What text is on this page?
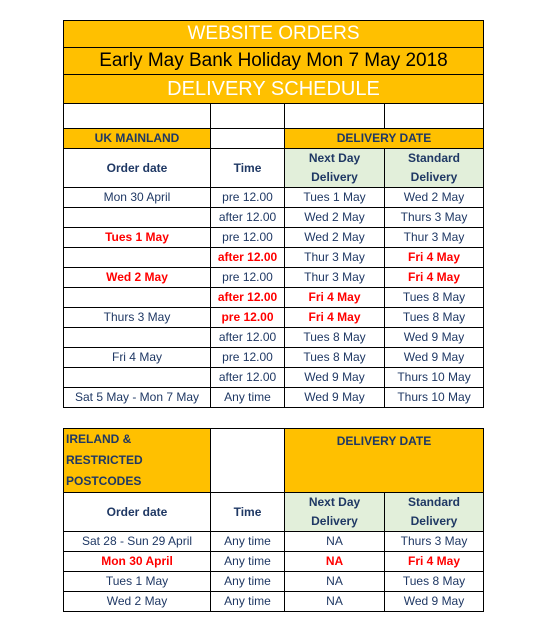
WEBSITE ORDERS			
Early May Bank Holiday Mon 7 May 2018			
DELIVERY SCHEDULE			

UK MAINLAND		DELIVERY DATE	
Order date	Time	Next Day Delivery	Standard Delivery
Mon 30 April	pre 12.00	Tues 1 May	Wed 2 May
	after 12.00	Wed 2 May	Thurs 3 May
Tues 1 May	pre 12.00	Wed 2 May	Thur 3 May
	after 12.00	Thur 3 May	Fri 4 May
Wed 2 May	pre 12.00	Thur 3 May	Fri 4 May
	after 12.00	Fri 4 May	Tues 8 May
Thurs 3 May	pre 12.00	Fri 4 May	Tues 8 May
	after 12.00	Tues 8 May	Wed 9 May
Fri 4 May	pre 12.00	Tues 8 May	Wed 9 May
	after 12.00	Wed 9 May	Thurs 10 May
Sat 5 May - Mon 7 May	Any time	Wed 9 May	Thurs 10 May
IRELAND & RESTRICTED POSTCODES		DELIVERY DATE	
Order date	Time	Next Day Delivery	Standard Delivery
Sat 28 - Sun 29 April	Any time	NA	Thurs 3 May
Mon 30 April	Any time	NA	Fri 4 May
Tues 1 May	Any time	NA	Tues 8 May
Wed 2 May	Any time	NA	Wed 9 May
